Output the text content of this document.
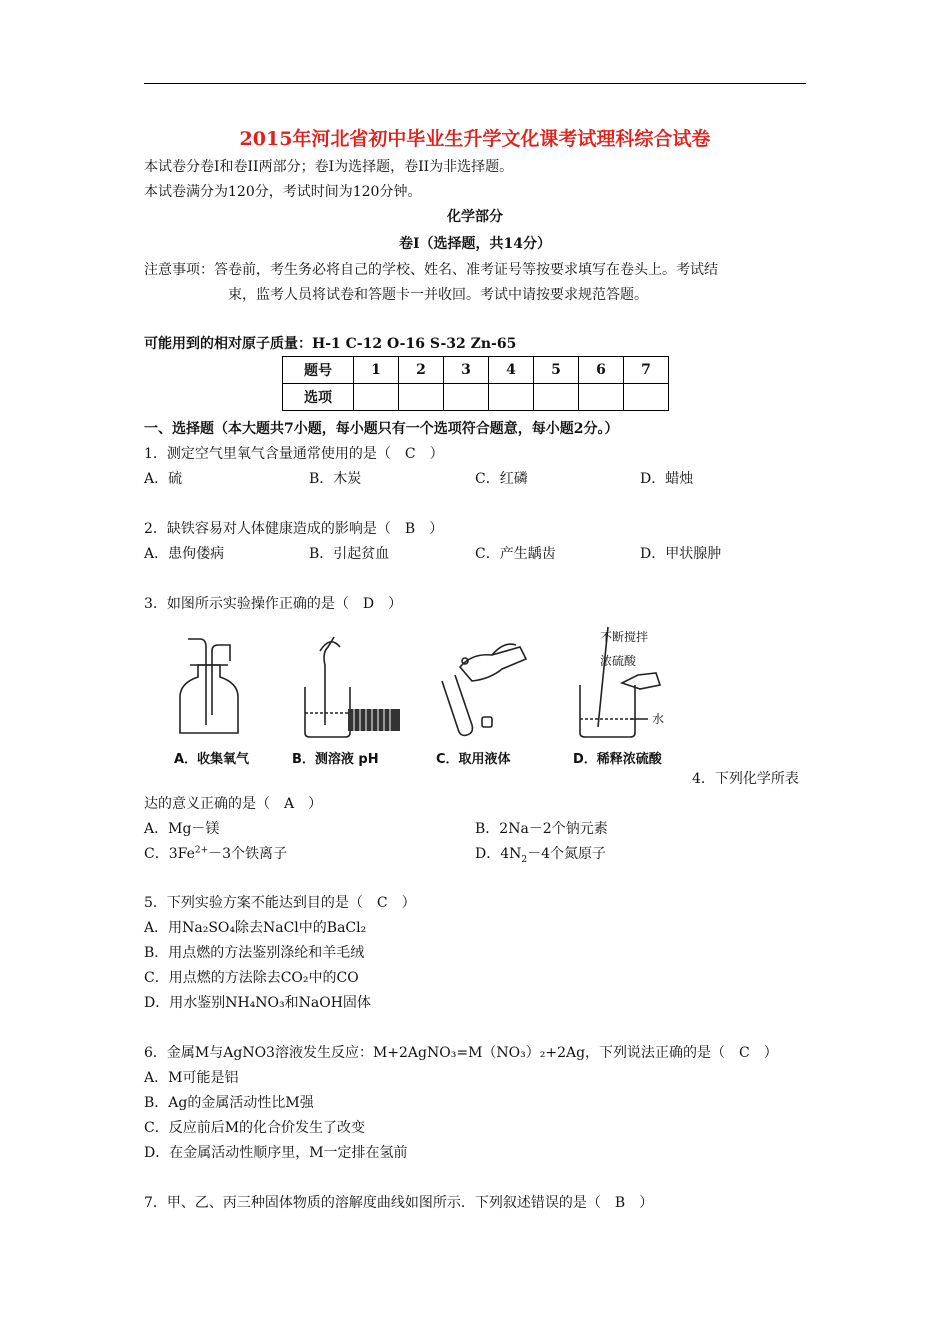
2015年河北省初中毕业生升学文化课考试理科综合试卷
本试卷分卷Ⅰ和卷ⅠI两部分；卷Ⅰ为选择题，卷ⅠI为非选择题。
本试卷满分为120分，考试时间为120分钟。
化学部分
卷Ⅰ（选择题，共14分）
注意事项：答卷前，考生务必将自己的学校、姓名、准考证号等按要求填写在卷头上。考试结
束，监考人员将试卷和答题卡一并收回。考试中请按要求规范答题。
可能用到的相对原子质量：H-1 C-12 O-16 S-32 Zn-65
题号	1	2	3	4	5	6	7
选项							
一、选择题（本大题共7小题，每小题只有一个选项符合题意，每小题2分。）
1．测定空气里氧气含量通常使用的是（　C　）
A．硫	B．木炭	C．红磷	D．蜡烛
2．缺铁容易对人体健康造成的影响是（　B　）
A．患佝偻病	B．引起贫血	C．产生龋齿	D．甲状腺肿
3．如图所示实验操作正确的是（　D　）
不断搅拌
浓硫酸
水
A．收集氧气	B．测溶液 pH	C．取用液体	D．稀释浓硫酸
4．下列化学所表
达的意义正确的是（　A　）
A．Mg－镁	B．2Na－2个钠元素
C．$3Fe^{2+}-3$个铁离子	D．$4N_2-4$个氮原子
5．下列实验方案不能达到目的是（　C　）
A．用Na₂SO₄除去NaCl中的BaCl₂
B．用点燃的方法鉴别涤纶和羊毛绒
C．用点燃的方法除去CO₂中的CO
D．用水鉴别NH₄NO₃和NaOH固体
6．金属M与AgNO3溶液发生反应：M+2AgNO₃=M（NO₃）₂+2Ag，下列说法正确的是（　C　）
A．M可能是铝
B．Ag的金属活动性比M强
C．反应前后M的化合价发生了改变
D．在金属活动性顺序里，M一定排在氢前
7．甲、乙、丙三种固体物质的溶解度曲线如图所示．下列叙述错误的是（　B　）
